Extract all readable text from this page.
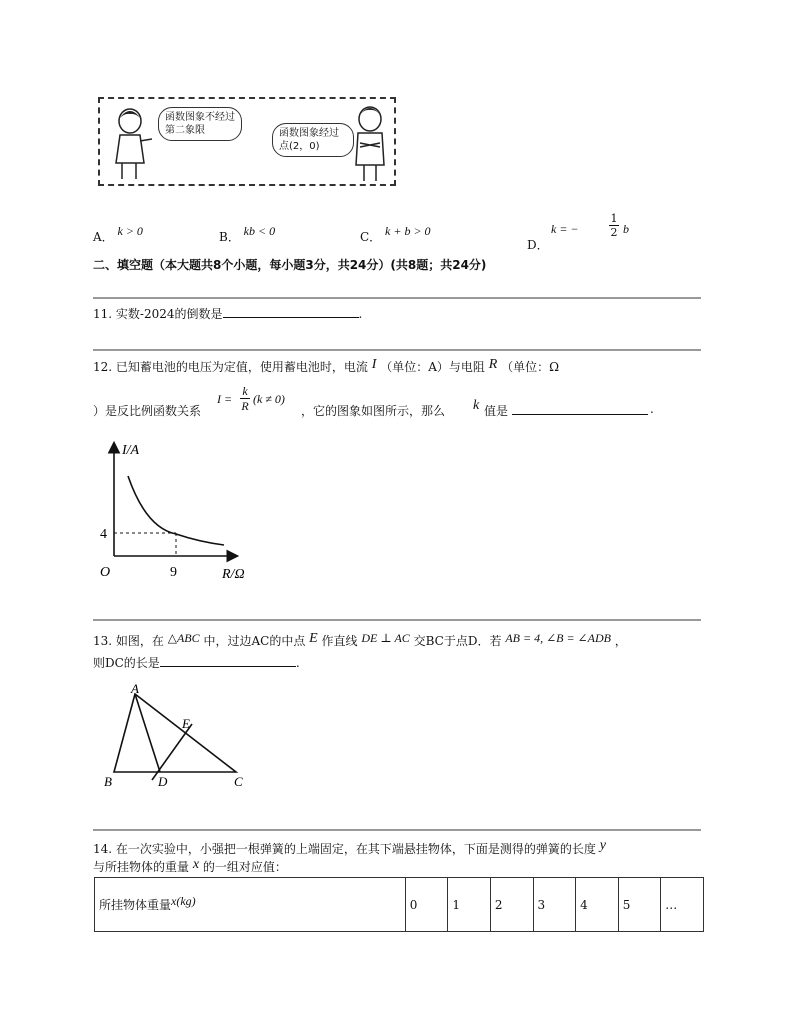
函数图象不经过第二象限	函数图象经过点(2，0)
A． k > 0	B． kb < 0	C． k + b > 0
D．
k = −	$\frac{1}{2}$ b
二、填空题（本大题共8个小题，每小题3分，共24分）(共8题；共24分)
11. 实数-2024的倒数是	.
12. 已知蓄电池的电压为定值，使用蓄电池时，电流 I （单位：A）与电阻 R （单位：Ω
）是反比例函数关系
$I = \frac{k}{R} (k \ne 0)$
，它的图象如图所示，那么 k 值是	.
I/A
R/Ω
O	9
4
13. 如图，在 △ABC 中，过边AC的中点 E 作直线 DE ⊥ AC 交BC于点D．若 AB = 4, ∠B = ∠ADB ，
则DC的长是	.
A
B	C
D
E
14. 在一次实验中，小强把一根弹簧的上端固定，在其下端悬挂物体，下面是测得的弹簧的长度 y
与所挂物体的重量 x 的一组对应值：
所挂物体重量x(kg)	0	1	2	3	4	5	…
